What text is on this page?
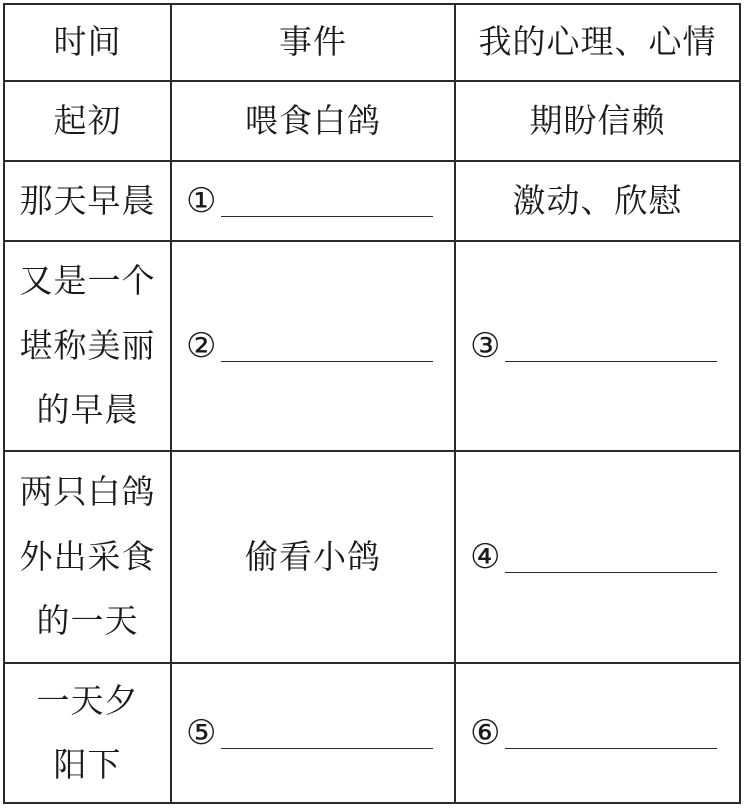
时间	事件	我的心理、心情
起初	喂食白鸽	期盼信赖
那天早晨	①	激动、欣慰
又是一个堪称美丽的早晨	②	③

两只白鸽外出采食的一天	偷看小鸽	④

一天夕阳下	⑤	⑥
